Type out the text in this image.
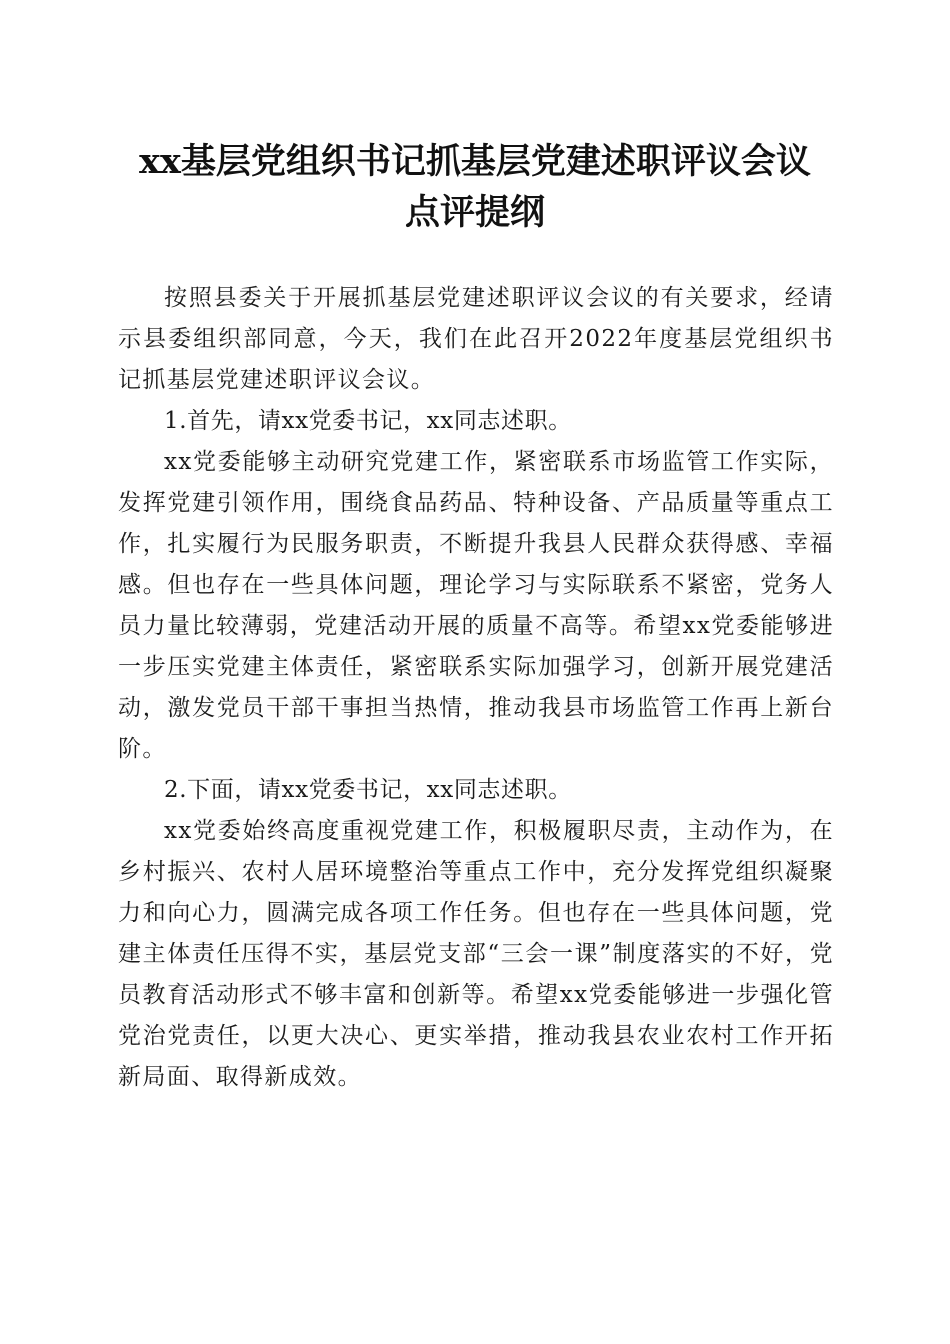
xx基层党组织书记抓基层党建述职评议会议
点评提纲

按照县委关于开展抓基层党建述职评议会议的有关要求，经请示县委组织部同意，今天，我们在此召开2022年度基层党组织书记抓基层党建述职评议会议。

1.首先，请xx党委书记，xx同志述职。

xx党委能够主动研究党建工作，紧密联系市场监管工作实际，发挥党建引领作用，围绕食品药品、特种设备、产品质量等重点工作，扎实履行为民服务职责，不断提升我县人民群众获得感、幸福感。但也存在一些具体问题，理论学习与实际联系不紧密，党务人员力量比较薄弱，党建活动开展的质量不高等。希望xx党委能够进一步压实党建主体责任，紧密联系实际加强学习，创新开展党建活动，激发党员干部干事担当热情，推动我县市场监管工作再上新台阶。

2.下面，请xx党委书记，xx同志述职。

xx党委始终高度重视党建工作，积极履职尽责，主动作为，在乡村振兴、农村人居环境整治等重点工作中，充分发挥党组织凝聚力和向心力，圆满完成各项工作任务。但也存在一些具体问题，党建主体责任压得不实，基层党支部“三会一课”制度落实的不好，党员教育活动形式不够丰富和创新等。希望xx党委能够进一步强化管党治党责任，以更大决心、更实举措，推动我县农业农村工作开拓新局面、取得新成效。
